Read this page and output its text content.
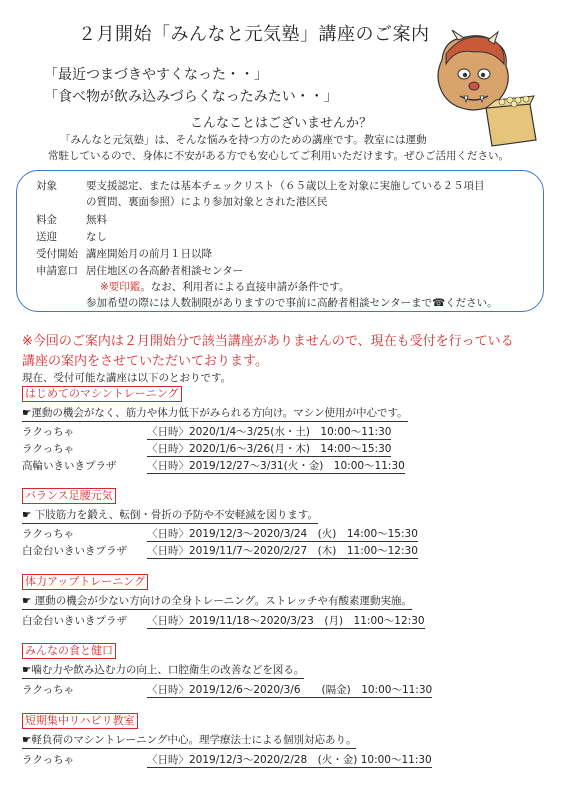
２月開始「みんなと元気塾」講座のご案内
「最近つまづきやすくなった・・」
「食べ物が飲み込みづらくなったみたい・・」
こんなことはございませんか？
「みんなと元気塾」は、そんな悩みを持つ方のための講座です。教室には運動
常駐しているので、身体に不安がある方でも安心してご利用いただけます。ぜひご活用ください。
対象	要支援認定、または基本チェックリスト（６５歳以上を対象に実施している２５項目
の質問、裏面参照）により参加対象とされた港区民
料金	無料
送迎	なし
受付開始 講座開始月の前月１日以降
申請窓口 居住地区の各高齢者相談センター
※要印鑑。なお、利用者による直接申請が条件です。
参加希望の際には人数制限がありますので事前に高齢者相談センターまで☎ください。
※今回のご案内は２月開始分で該当講座がありませんので、現在も受付を行っている
講座の案内をさせていただいております。
現在、受付可能な講座は以下のとおりです。
はじめてのマシントレーニング
☛運動の機会がなく、筋力や体力低下がみられる方向け。マシン使用が中心です。
ラクっちゃ	〈日時〉2020/1/4～3/25(水・土)　10:00～11:30
ラクっちゃ	〈日時〉2020/1/6～3/26(月・木)　14:00～15:30
高輪いきいきプラザ	〈日時〉2019/12/27～3/31(火・金)　10:00～11:30
バランス足腰元気
☛ 下肢筋力を鍛え、転倒・骨折の予防や不安軽減を図ります。
ラクっちゃ	〈日時〉2019/12/3～2020/3/24　(火)　14:00～15:30
白金台いきいきプラザ 〈日時〉2019/11/7～2020/2/27　(木)　11:00～12:30
体力アップトレーニング
☛ 運動の機会が少ない方向けの全身トレーニング。ストレッチや有酸素運動実施。
白金台いきいきプラザ 〈日時〉2019/11/18～2020/3/23　(月)　11:00～12:30
みんなの食と健口
☛噛む力や飲み込む力の向上、口腔衛生の改善などを図る。
ラクっちゃ	〈日時〉2019/12/6～2020/3/6　　(隔金)　10:00～11:30
短期集中リハビリ教室
☛軽負荷のマシントレーニング中心。理学療法士による個別対応あり。
ラクっちゃ	〈日時〉2019/12/3～2020/2/28　(火・金) 10:00～11:30
